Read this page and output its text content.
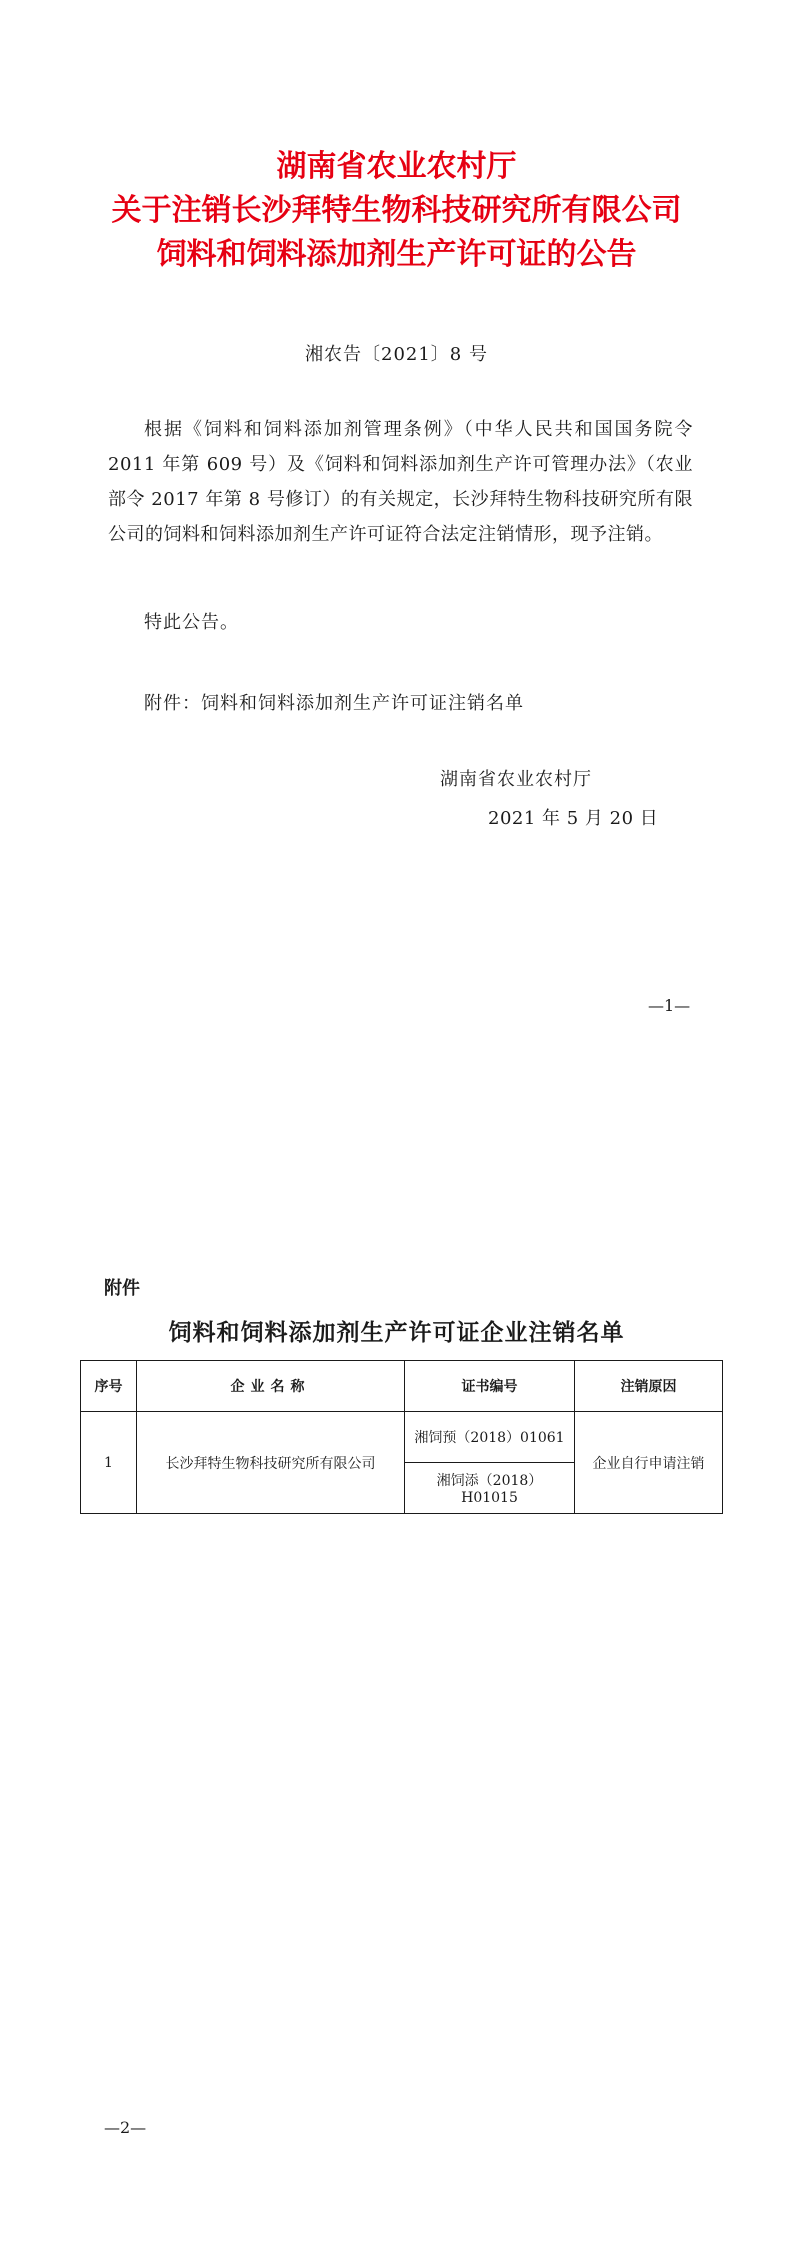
湖南省农业农村厅
关于注销长沙拜特生物科技研究所有限公司
饲料和饲料添加剂生产许可证的公告
湘农告〔2021〕8 号

根据《饲料和饲料添加剂管理条例》（中华人民共和国国务院令 2011 年第 609 号）及《饲料和饲料添加剂生产许可管理办法》（农业部令 2017 年第 8 号修订）的有关规定，长沙拜特生物科技研究所有限公司的饲料和饲料添加剂生产许可证符合法定注销情形，现予注销。

特此公告。
附件：饲料和饲料添加剂生产许可证注销名单
湖南省农业农村厅
2021 年 5 月 20 日
—1—
附件
饲料和饲料添加剂生产许可证企业注销名单
序号	企业名称	证书编号	注销原因
1	长沙拜特生物科技研究所有限公司	湘饲预（2018）01061	企业自行申请注销
		湘饲添（2018）H01015	
—2—
